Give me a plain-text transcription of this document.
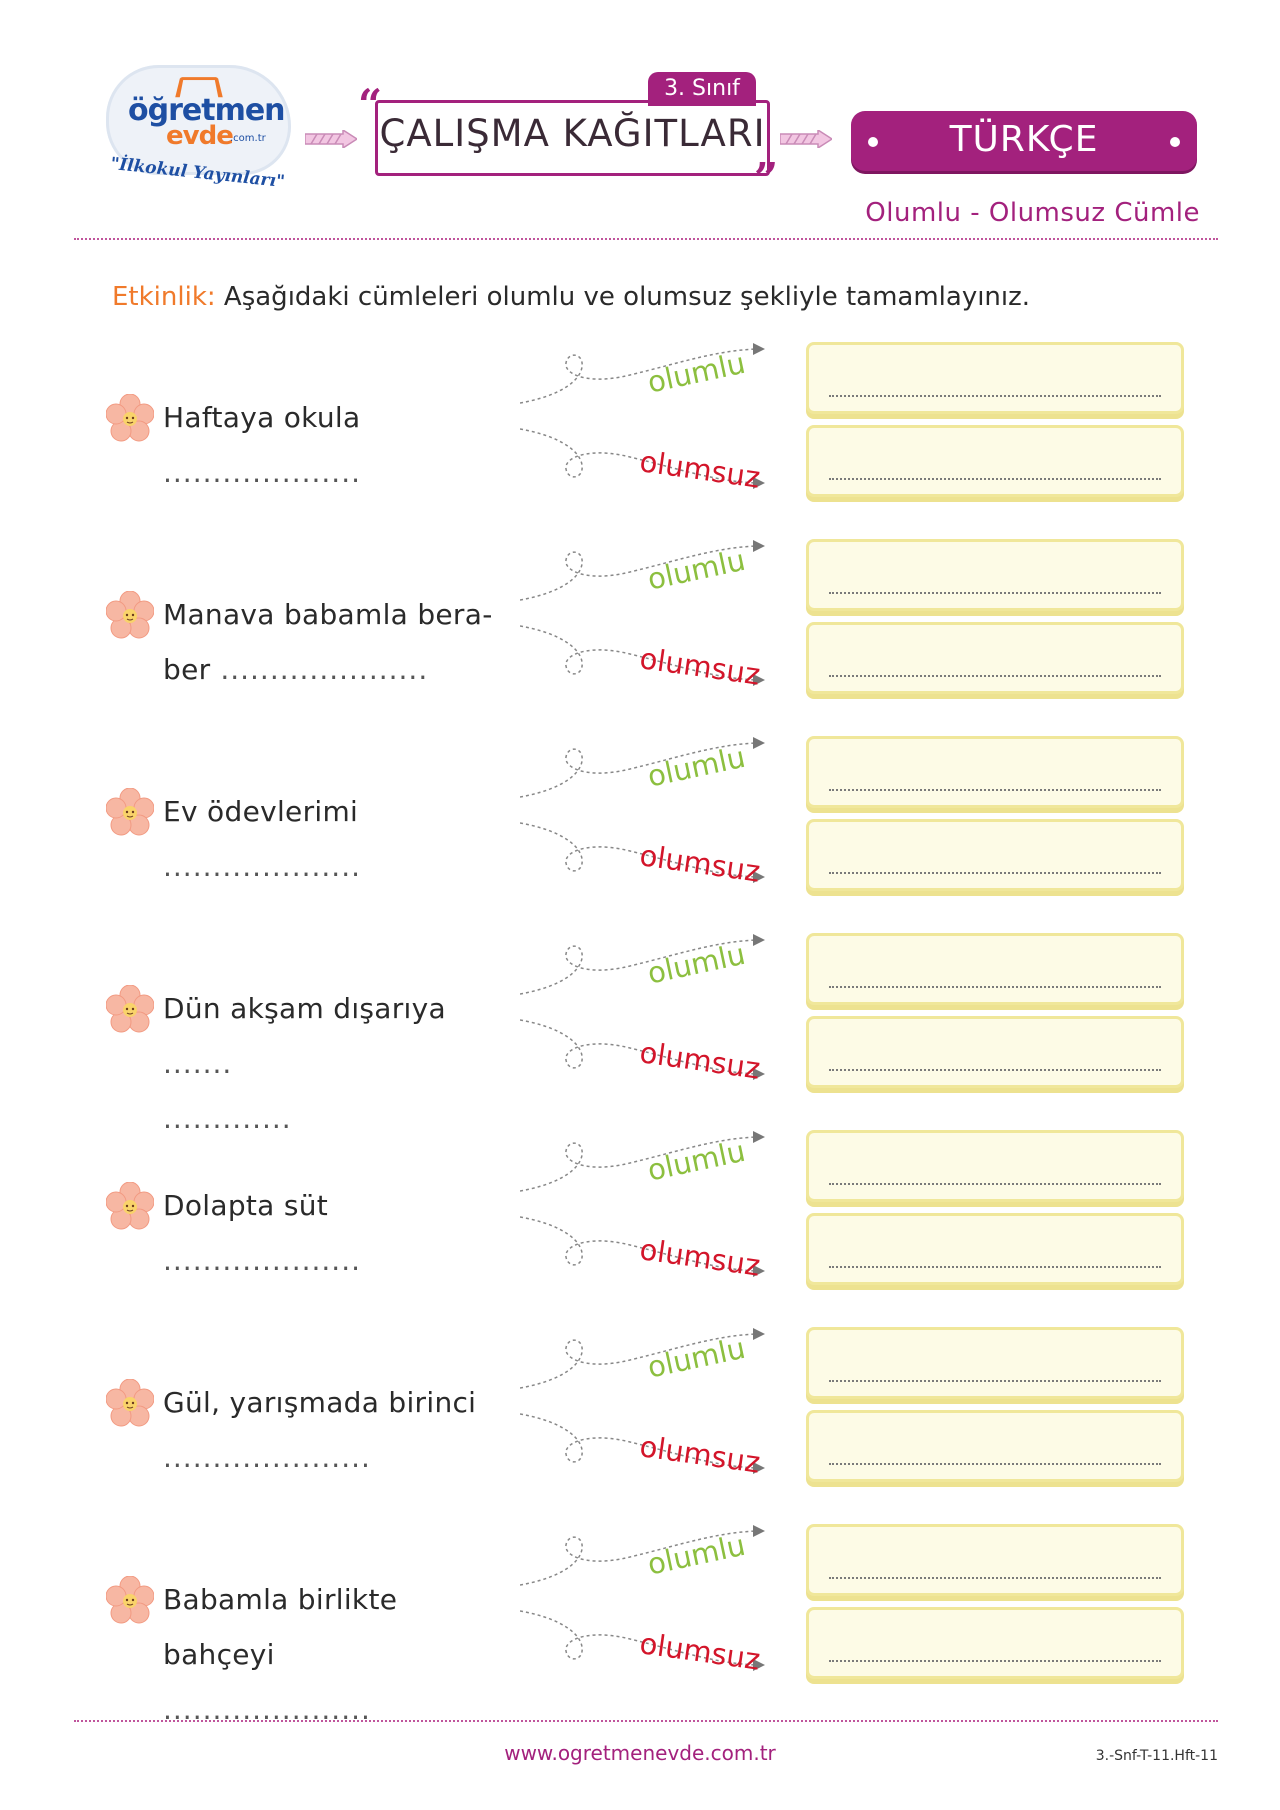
öğretmen
evde
.com.tr
"İlkokul Yayınları"
“
ÇALIŞMA KAĞITLARI
”
3. Sınıf
TÜRKÇE
Olumlu - Olumsuz Cümle
Etkinlik: Aşağıdaki cümleleri olumlu ve olumsuz şekliyle tamamlayınız.
Haftaya okula ....................
olumlu
olumsuz
Manava babamla bera-
ber .....................
olumlu
olumsuz
Ev ödevlerimi ....................
olumlu
olumsuz
Dün akşam dışarıya .......
.............
olumlu
olumsuz
Dolapta süt ....................
olumlu
olumsuz
Gül, yarışmada birinci
.....................
olumlu
olumsuz
Babamla birlikte bahçeyi
.....................
olumlu
olumsuz
www.ogretmenevde.com.tr	3.-Snf-T-11.Hft-11
